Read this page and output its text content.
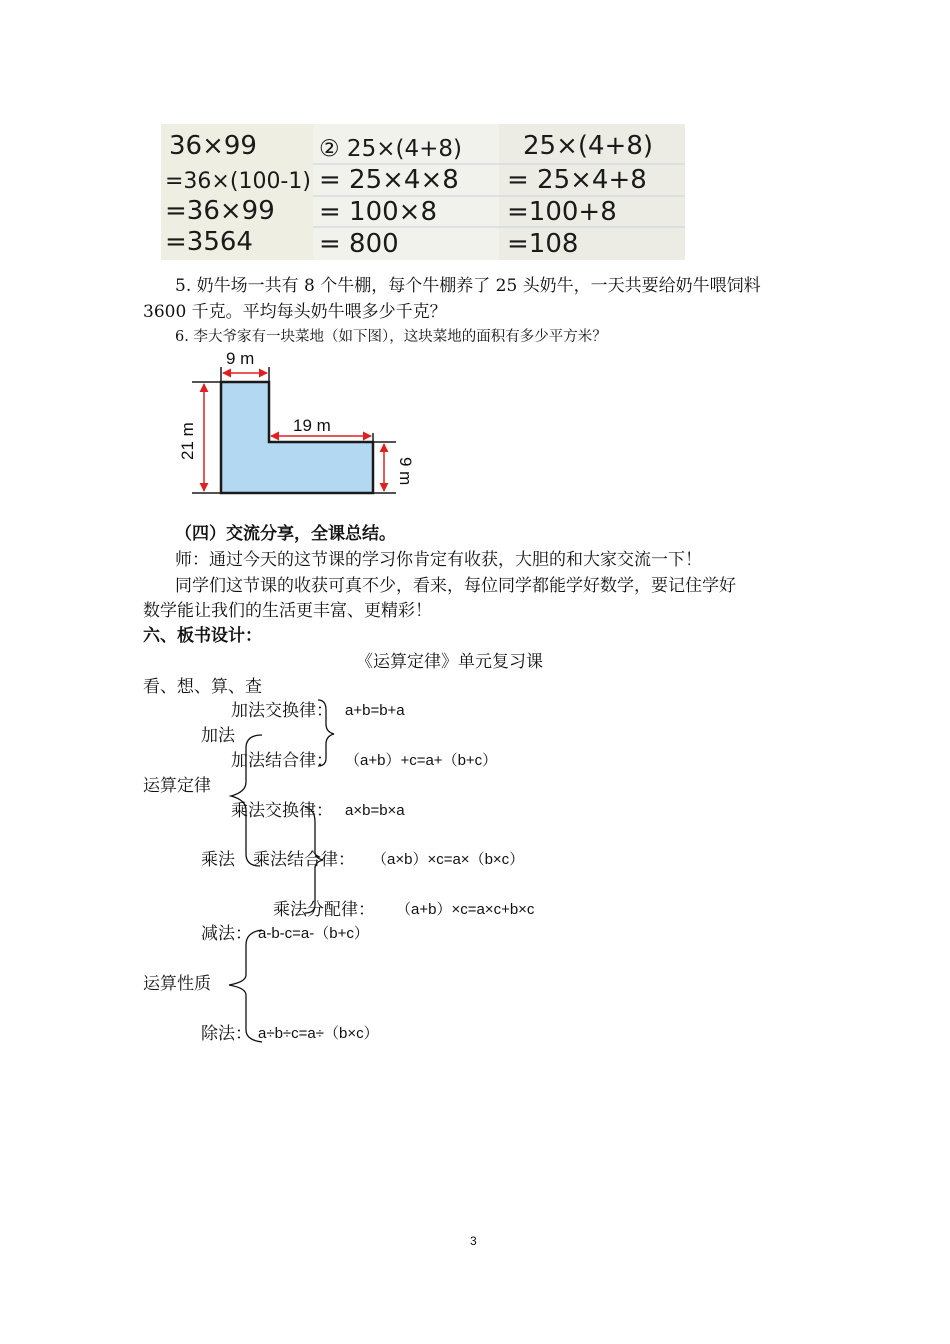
36×99
=36×(100-1)
=36×99
=3564
② 25×(4+8)
= 25×4×8
= 100×8
= 800
25×(4+8)
= 25×4+8
=100+8
=108
5. 奶牛场一共有 8 个牛棚，每个牛棚养了 25 头奶牛，一天共要给奶牛喂饲料
3600 千克。平均每头奶牛喂多少千克？
6. 李大爷家有一块菜地（如下图），这块菜地的面积有多少平方米？
9 m
19 m
21 m
9 m
（四）交流分享，全课总结。
师：通过今天的这节课的学习你肯定有收获，大胆的和大家交流一下！
同学们这节课的收获可真不少，看来，每位同学都能学好数学，要记住学好
数学能让我们的生活更丰富、更精彩！
六、板书设计：
《运算定律》单元复习课
看、想、算、查
加法交换律： a+b=b+a
加法
加法结合律： （a+b）+c=a+（b+c）
运算定律
乘法交换律： a×b=b×a
乘法 乘法结合律： （a×b）×c=a×（b×c）
乘法分配律： （a+b）×c=a×c+b×c
减法： a-b-c=a-（b+c）
运算性质
除法： a÷b÷c=a÷（b×c）
3
